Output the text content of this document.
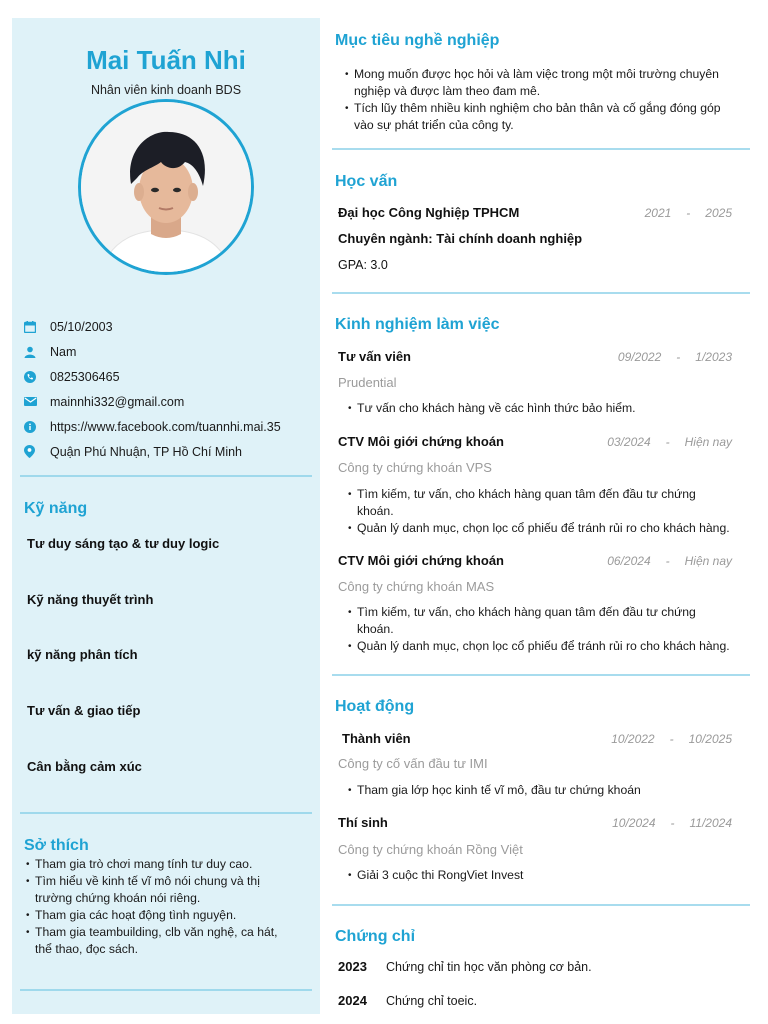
Mai Tuấn Nhi
Nhân viên kinh doanh BDS
05/10/2003
Nam
0825306465
mainnhi332@gmail.com
https://www.facebook.com/tuannhi.mai.35
Quận Phú Nhuận, TP Hồ Chí Minh
Kỹ năng
Tư duy sáng tạo & tư duy logic
Kỹ năng thuyết trình
kỹ năng phân tích
Tư vấn & giao tiếp
Cân bằng cảm xúc
Sở thích
• Tham gia trò chơi mang tính tư duy cao.
• Tìm hiểu về kinh tế vĩ mô nói chung và thị trường chứng khoán nói riêng.
• Tham gia các hoạt động tình nguyện.
• Tham gia teambuilding, clb văn nghệ, ca hát, thể thao, đọc sách.
Mục tiêu nghề nghiệp
• Mong muốn được học hỏi và làm việc trong một môi trường chuyên nghiệp và được làm theo đam mê.
• Tích lũy thêm nhiều kinh nghiệm cho bản thân và cố gắng đóng góp vào sự phát triển của công ty.
Học vấn
Đại học Công Nghiệp TPHCM	2021 - 2025
Chuyên ngành: Tài chính doanh nghiệp
GPA: 3.0
Kinh nghiệm làm việc
Tư vấn viên	09/2022 - 1/2023
Prudential
• Tư vấn cho khách hàng về các hình thức bảo hiểm.
CTV Môi giới chứng khoán	03/2024 - Hiện nay
Công ty chứng khoán VPS
• Tìm kiếm, tư vấn, cho khách hàng quan tâm đến đầu tư chứng khoán.
• Quản lý danh mục, chọn lọc cổ phiếu để tránh rủi ro cho khách hàng.
CTV Môi giới chứng khoán	06/2024 - Hiện nay
Công ty chứng khoán MAS
• Tìm kiếm, tư vấn, cho khách hàng quan tâm đến đầu tư chứng khoán.
• Quản lý danh mục, chọn lọc cổ phiếu để tránh rủi ro cho khách hàng.
Hoạt động
Thành viên	10/2022 - 10/2025
Công ty cố vấn đầu tư IMI
• Tham gia lớp học kinh tế vĩ mô, đầu tư chứng khoán
Thí sinh	10/2024 - 11/2024
Công ty chứng khoán Rồng Việt
• Giải 3 cuộc thi RongViet Invest
Chứng chỉ
2023 Chứng chỉ tin học văn phòng cơ bản.
2024 Chứng chỉ toeic.
